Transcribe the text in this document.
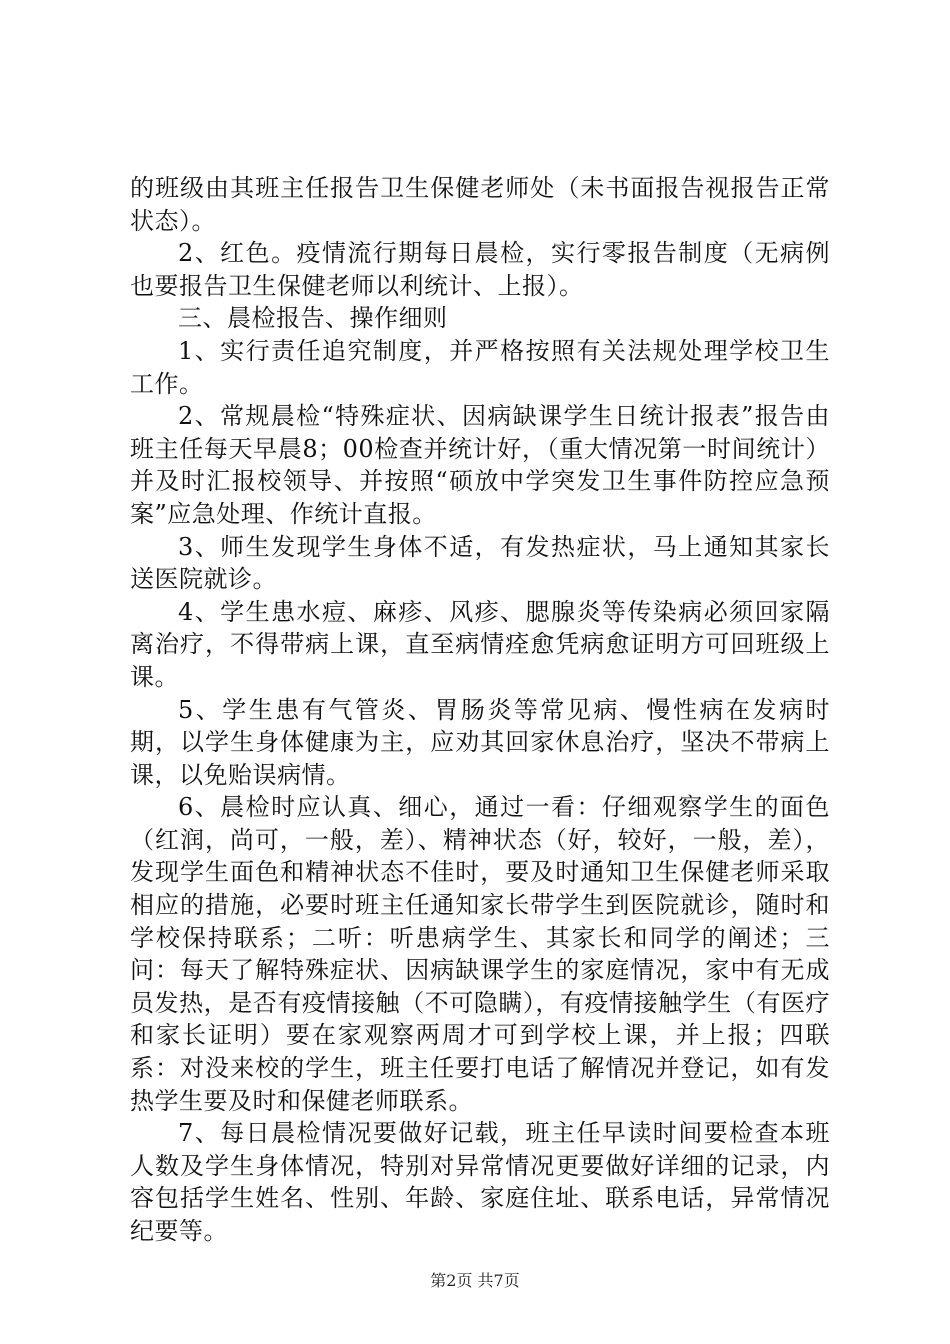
的班级由其班主任报告卫生保健老师处（未书面报告视报告正常状态）。

2、红色。疫情流行期每日晨检，实行零报告制度（无病例也要报告卫生保健老师以利统计、上报）。

三、晨检报告、操作细则

1、实行责任追究制度，并严格按照有关法规处理学校卫生工作。

2、常规晨检“特殊症状、因病缺课学生日统计报表”报告由班主任每天早晨8；00检查并统计好，（重大情况第一时间统计）并及时汇报校领导、并按照“硕放中学突发卫生事件防控应急预案”应急处理、作统计直报。

3、师生发现学生身体不适，有发热症状，马上通知其家长送医院就诊。

4、学生患水痘、麻疹、风疹、腮腺炎等传染病必须回家隔离治疗，不得带病上课，直至病情痊愈凭病愈证明方可回班级上课。

5、学生患有气管炎、胃肠炎等常见病、慢性病在发病时期，以学生身体健康为主，应劝其回家休息治疗，坚决不带病上课，以免贻误病情。

6、晨检时应认真、细心，通过一看：仔细观察学生的面色（红润，尚可，一般，差）、精神状态（好，较好，一般，差），发现学生面色和精神状态不佳时，要及时通知卫生保健老师采取相应的措施，必要时班主任通知家长带学生到医院就诊，随时和学校保持联系；二听：听患病学生、其家长和同学的阐述；三问：每天了解特殊症状、因病缺课学生的家庭情况，家中有无成员发热，是否有疫情接触（不可隐瞒），有疫情接触学生（有医疗和家长证明）要在家观察两周才可到学校上课，并上报；四联系：对没来校的学生，班主任要打电话了解情况并登记，如有发热学生要及时和保健老师联系。

7、每日晨检情况要做好记载，班主任早读时间要检查本班人数及学生身体情况，特别对异常情况更要做好详细的记录，内容包括学生姓名、性别、年龄、家庭住址、联系电话，异常情况纪要等。

第2页 共7页
